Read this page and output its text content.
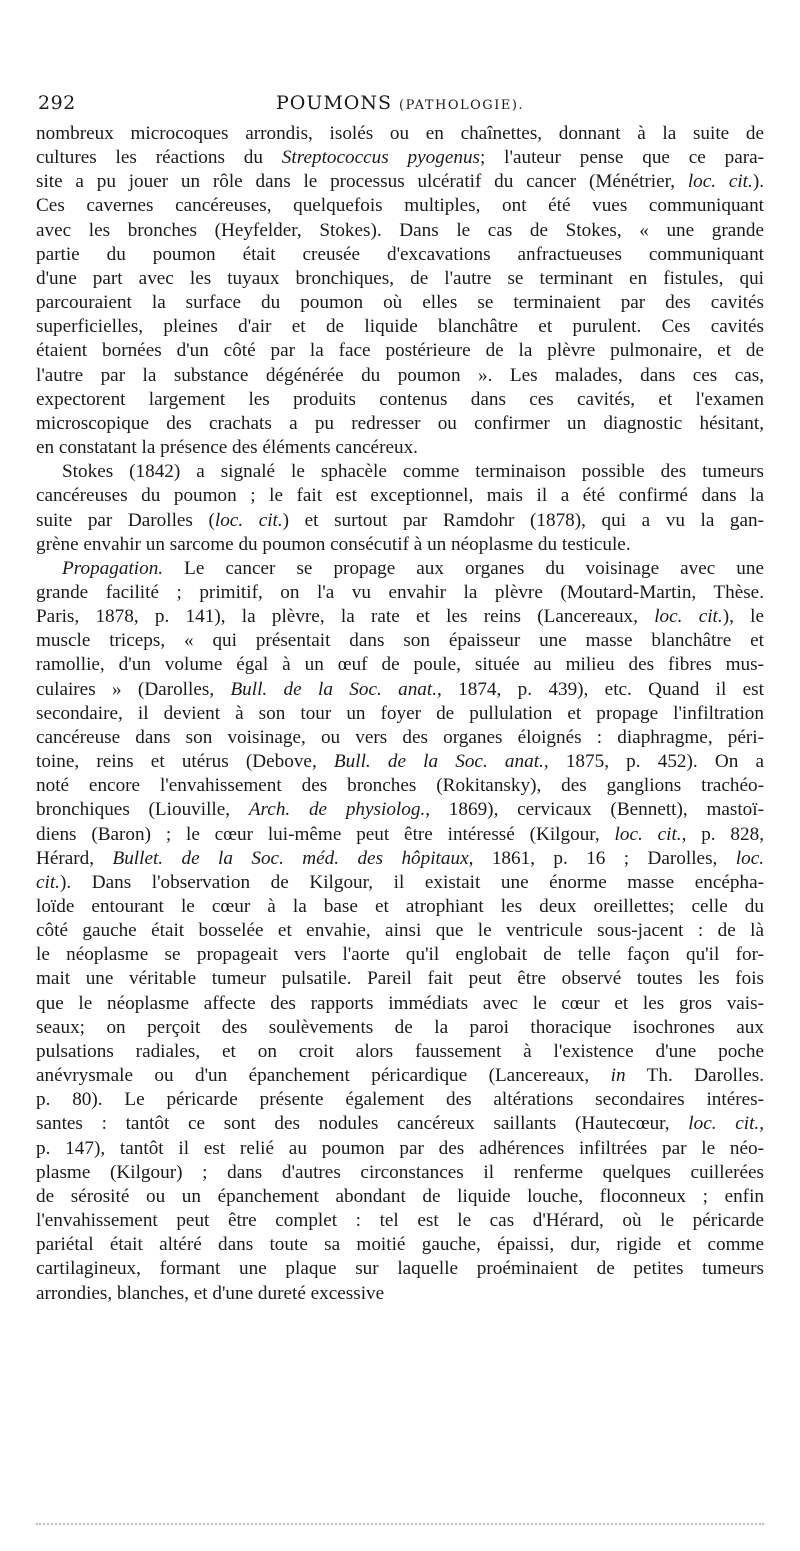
292	POUMONS (PATHOLOGIE).
nombreux microcoques arrondis, isolés ou en chaînettes, donnant à la suite de
cultures les réactions du Streptococcus pyogenus; l'auteur pense que ce para-
site a pu jouer un rôle dans le processus ulcératif du cancer (Ménétrier, loc. cit.).
Ces cavernes cancéreuses, quelquefois multiples, ont été vues communiquant
avec les bronches (Heyfelder, Stokes). Dans le cas de Stokes, « une grande
partie du poumon était creusée d'excavations anfractueuses communiquant
d'une part avec les tuyaux bronchiques, de l'autre se terminant en fistules, qui
parcouraient la surface du poumon où elles se terminaient par des cavités
superficielles, pleines d'air et de liquide blanchâtre et purulent. Ces cavités
étaient bornées d'un côté par la face postérieure de la plèvre pulmonaire, et de
l'autre par la substance dégénérée du poumon ». Les malades, dans ces cas,
expectorent largement les produits contenus dans ces cavités, et l'examen
microscopique des crachats a pu redresser ou confirmer un diagnostic hésitant,
en constatant la présence des éléments cancéreux.
Stokes (1842) a signalé le sphacèle comme terminaison possible des tumeurs
cancéreuses du poumon ; le fait est exceptionnel, mais il a été confirmé dans la
suite par Darolles (loc. cit.) et surtout par Ramdohr (1878), qui a vu la gan-
grène envahir un sarcome du poumon consécutif à un néoplasme du testicule.
Propagation. Le cancer se propage aux organes du voisinage avec une
grande facilité ; primitif, on l'a vu envahir la plèvre (Moutard-Martin, Thèse.
Paris, 1878, p. 141), la plèvre, la rate et les reins (Lancereaux, loc. cit.), le
muscle triceps, « qui présentait dans son épaisseur une masse blanchâtre et
ramollie, d'un volume égal à un œuf de poule, située au milieu des fibres mus-
culaires » (Darolles, Bull. de la Soc. anat., 1874, p. 439), etc. Quand il est
secondaire, il devient à son tour un foyer de pullulation et propage l'infiltration
cancéreuse dans son voisinage, ou vers des organes éloignés : diaphragme, péri-
toine, reins et utérus (Debove, Bull. de la Soc. anat., 1875, p. 452). On a
noté encore l'envahissement des bronches (Rokitansky), des ganglions trachéo-
bronchiques (Liouville, Arch. de physiolog., 1869), cervicaux (Bennett), mastoï-
diens (Baron) ; le cœur lui-même peut être intéressé (Kilgour, loc. cit., p. 828,
Hérard, Bullet. de la Soc. méd. des hôpitaux, 1861, p. 16 ; Darolles, loc.
cit.). Dans l'observation de Kilgour, il existait une énorme masse encépha-
loïde entourant le cœur à la base et atrophiant les deux oreillettes; celle du
côté gauche était bosselée et envahie, ainsi que le ventricule sous-jacent : de là
le néoplasme se propageait vers l'aorte qu'il englobait de telle façon qu'il for-
mait une véritable tumeur pulsatile. Pareil fait peut être observé toutes les fois
que le néoplasme affecte des rapports immédiats avec le cœur et les gros vais-
seaux; on perçoit des soulèvements de la paroi thoracique isochrones aux
pulsations radiales, et on croit alors faussement à l'existence d'une poche
anévrysmale ou d'un épanchement péricardique (Lancereaux, in Th. Darolles.
p. 80). Le péricarde présente également des altérations secondaires intéres-
santes : tantôt ce sont des nodules cancéreux saillants (Hautecœur, loc. cit.,
p. 147), tantôt il est relié au poumon par des adhérences infiltrées par le néo-
plasme (Kilgour) ; dans d'autres circonstances il renferme quelques cuillerées
de sérosité ou un épanchement abondant de liquide louche, floconneux ; enfin
l'envahissement peut être complet : tel est le cas d'Hérard, où le péricarde
pariétal était altéré dans toute sa moitié gauche, épaissi, dur, rigide et comme
cartilagineux, formant une plaque sur laquelle proéminaient de petites tumeurs
arrondies, blanches, et d'une dureté excessive
